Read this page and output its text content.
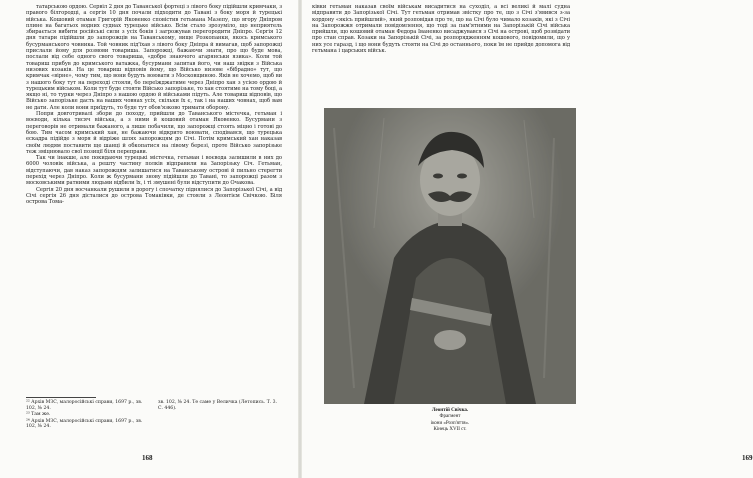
татарською ордою. Сервіл 2 дня до Таванської фортеці з лівого боку підійшли кримчаки, з правого білгородці, а сергія 10 дня почали підходити до Тавані з боку моря й турецькі війська. Кошовий отаман Григорій Яковенко сповістив гетьмана Мазепу, що вгору Дніпром плине на багатьох водних суднах турецьке військо. Всім стало зрозуміло, що неприятель збирається вибити російські сили з усіх боків і загрожував перегородити Дніпро. Сергія 12 дня татари підійшли до запорожців на Таванському, вище Розкопанки, якось кримського бусурманського човника. Той човник під'їхав з лівого боку Дніпра й вимагав, щоб запорожці прислали йому для розмови товариша. Запорожці, бажаючи знати, про що буде мова, послали від себе одного свого товариша, «добре знаючого агарянськи язика». Коли той товариш прибув до кримського ватажка, бусурмани запитав його, чи наш звідки з Війська низових козаків. На це товариш відповів йому, що Військо низове «бібрадно» тут, що кримчак «вірне», чому тим, що вони будуть воювати з Московщиною. Яків не хочемо, щоб ви з нашого боку тут на переході стояли, бо переїжджатиме через Дніпро хан з усією ордою й турецьким військом. Коли тут буде стояти Військо запорізьке, то хан стоятиме на тому боці, а якщо ні, то турки через Дніпро з нашою ордою й військами підуть. Але товариш відповів, що Військо запорізьке дасть на ваших човнах усіх, скільки їх є, так і на наших човнах, щоб вам не дати. Але коли вони приїдуть, то буде тут обов'язково тримати оборону.

Попри довготривалі збори до походу, прийшли до Таванського містечка, гетьман і воєводи, кілька тисяч війська, а з ними й кошовий отаман Яковенко. Бусурмани з переговорів не отримали бажаного, а лише побачили, що запорожці стоять міцно і готові до бою. Тим часом кримський хан, не бажаючи відкрито воювати, сподівався, що турецька ескадра підійде з моря й відріже шлях запорожцям до Січі. Потім кримський хан наказав своїм людям поставити ще шанці й обкопатися на лівому березі, проте Військо запорізьке теж зміцнювало свої позиції біля переправи.

Так чи інакше, але покидаючи турецькі містечка, гетьман і воєвода залишили в них до 6000 чоловік війська, а решту частину полків відправили на Запорізьку Січ. Гетьман, відступаючи, дав наказ запорожцям залишатися на Таванському острові й пильно стерегти перехід через Дніпро. Коли ж бусурмани знову підійшли до Тавані, то запорожці разом з московськими ратними людьми відбили їх, і ті змушені були відступити до Очакова.

Сергія 20 дня восчанкали рушили в дорогу і спочатку піднялися до Запорізької Січі, а від Січі сергія 26 дня дісталися до острова Томаківки, де стояли з Леонтієм Свічкою. Біля острова Тома-

²² Архів МЗС, малоросійські справи, 1697 р., зв. 102, № 24.

²³ Там же.

²⁴ Архів МЗС, малоросійські справи, 1697 р., зв. 102, № 24.

зв. 102, № 24. Те саме у Величка (Летопись. Т. 3. С. 446).

168	169

ківки гетьман наказав своїм військам висадитися на суходіл, а всі великі й малі судна відправити до Запорізької Січі. Тут гетьман отримав звістку про те, що з Січі з'явився з-за кордону «якісь прийшлий», який розповідав про те, що на Січі було чимало козаків, які з Січі на Запорожжя отримали повідомлення, що тоді за пам'ятними на Запорізькій Січі війська прийшли, що кошовий отаман Федора Іваненко висаджувався з Січі на острові, щоб розвідати про стан справ. Козаки на Запорізькій Січі, за розпорядженням кошового, повідомили, що у них усе гаразд, і що вони будуть стояти на Січі до останнього, поки їм не прийде допомога від гетьмана і царських військ.

Леонтій Свічка.
Фрагмент
ікони «Розп'яття».
Кінець XVII ст.
